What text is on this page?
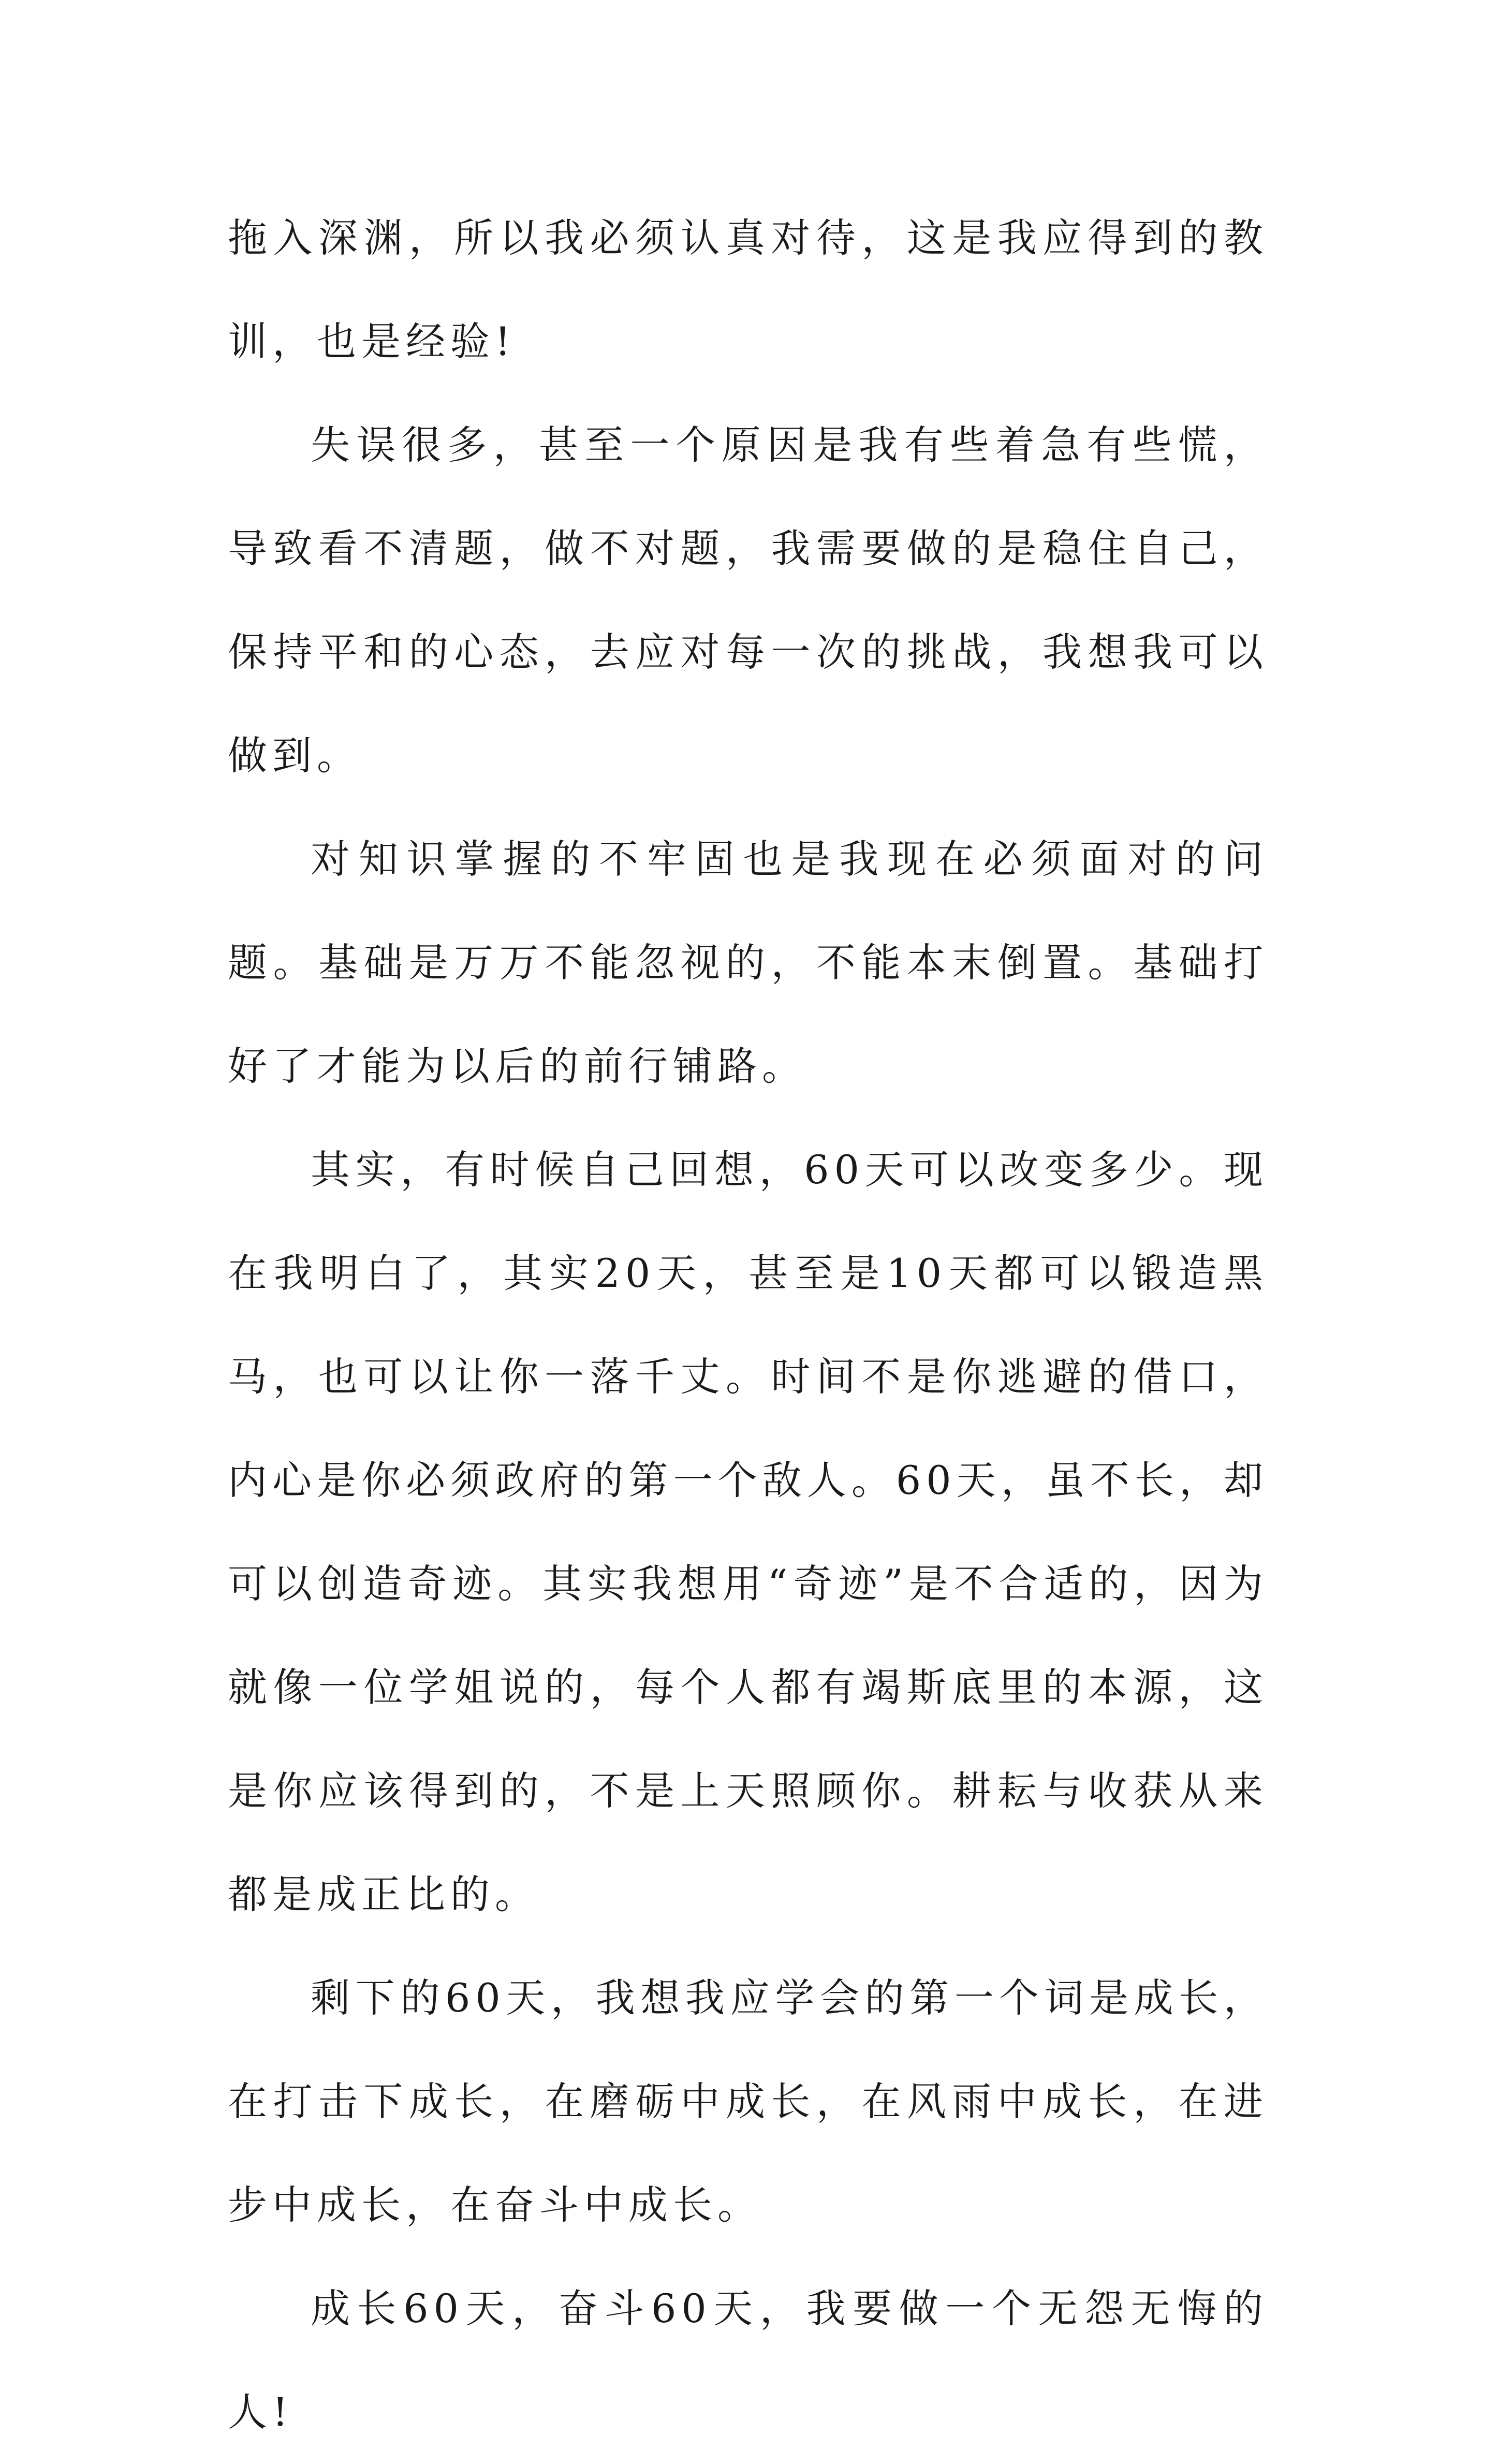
拖入深渊，所以我必须认真对待，这是我应得到的教训，也是经验!

失误很多，甚至一个原因是我有些着急有些慌，导致看不清题，做不对题，我需要做的是稳住自己，保持平和的心态，去应对每一次的挑战，我想我可以做到。

对知识掌握的不牢固也是我现在必须面对的问题。基础是万万不能忽视的，不能本末倒置。基础打好了才能为以后的前行铺路。

其实，有时候自己回想，60天可以改变多少。现在我明白了，其实20天，甚至是10天都可以锻造黑马，也可以让你一落千丈。时间不是你逃避的借口，内心是你必须政府的第一个敌人。60天，虽不长，却可以创造奇迹。其实我想用“奇迹”是不合适的，因为就像一位学姐说的，每个人都有竭斯底里的本源，这是你应该得到的，不是上天照顾你。耕耘与收获从来都是成正比的。

剩下的60天，我想我应学会的第一个词是成长，在打击下成长，在磨砺中成长，在风雨中成长，在进步中成长，在奋斗中成长。

成长60天，奋斗60天，我要做一个无怨无悔的人!
